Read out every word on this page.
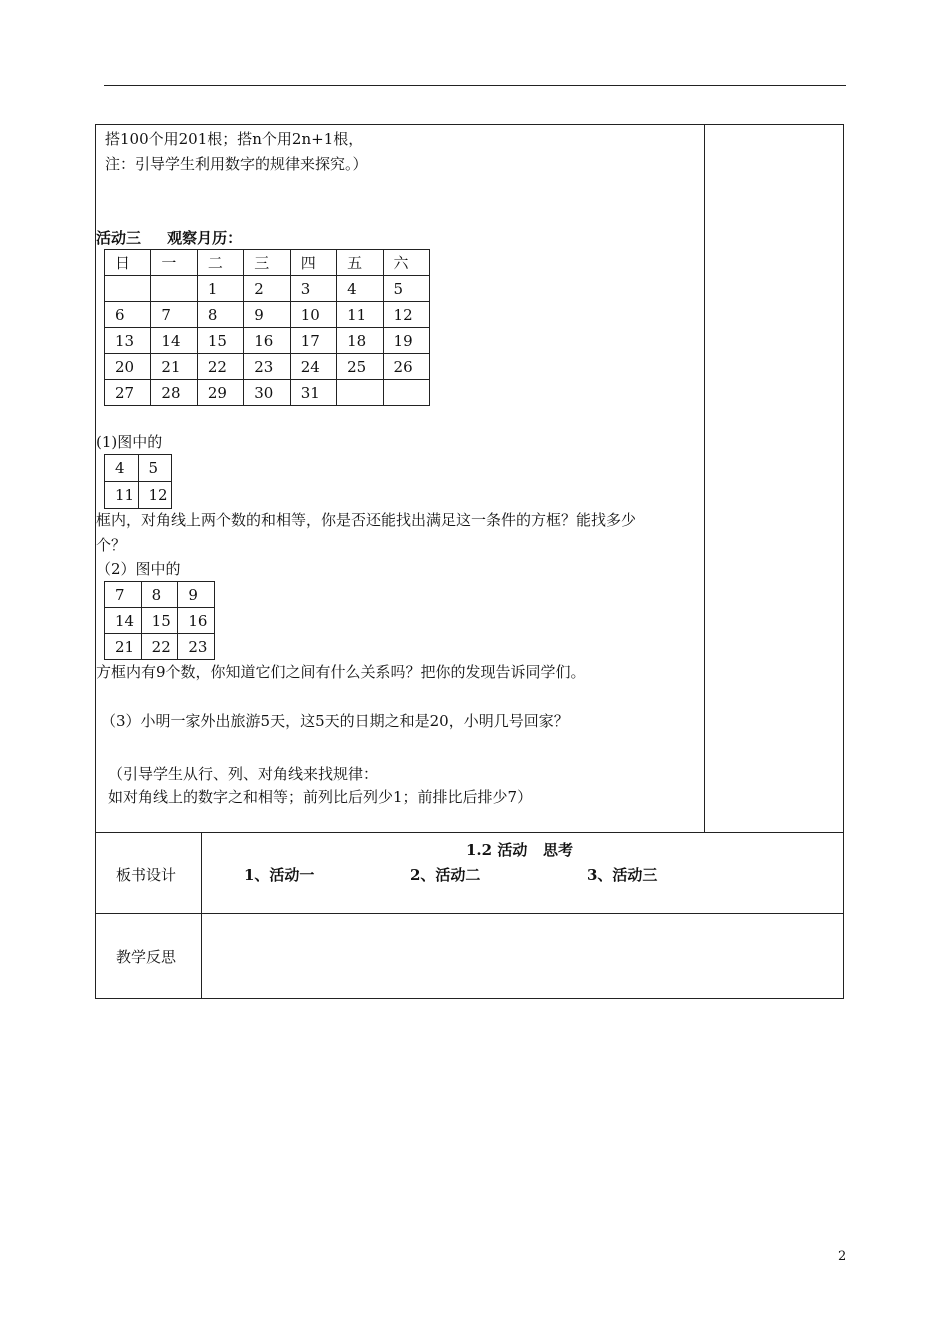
搭100个用201根；搭n个用2n+1根，
注：引导学生利用数字的规律来探究。）
活动三     观察月历：
日	一	二	三	四	五	六
		1	2	3	4	5
6	7	8	9	10	11	12
13	14	15	16	17	18	19
20	21	22	23	24	25	26
27	28	29	30	31		
(1)图中的
4	5
11	12
框内，对角线上两个数的和相等，你是否还能找出满足这一条件的方框？能找多少
个？
（2）图中的
7	8	9
14	15	16
21	22	23
方框内有9个数，你知道它们之间有什么关系吗？把你的发现告诉同学们。
（3）小明一家外出旅游5天，这5天的日期之和是20，小明几号回家？
（引导学生从行、列、对角线来找规律：
如对角线上的数字之和相等；前列比后列少1；前排比后排少7）
板书设计
1.2 活动   思考
1、活动一	2、活动二	3、活动三
教学反思
2
